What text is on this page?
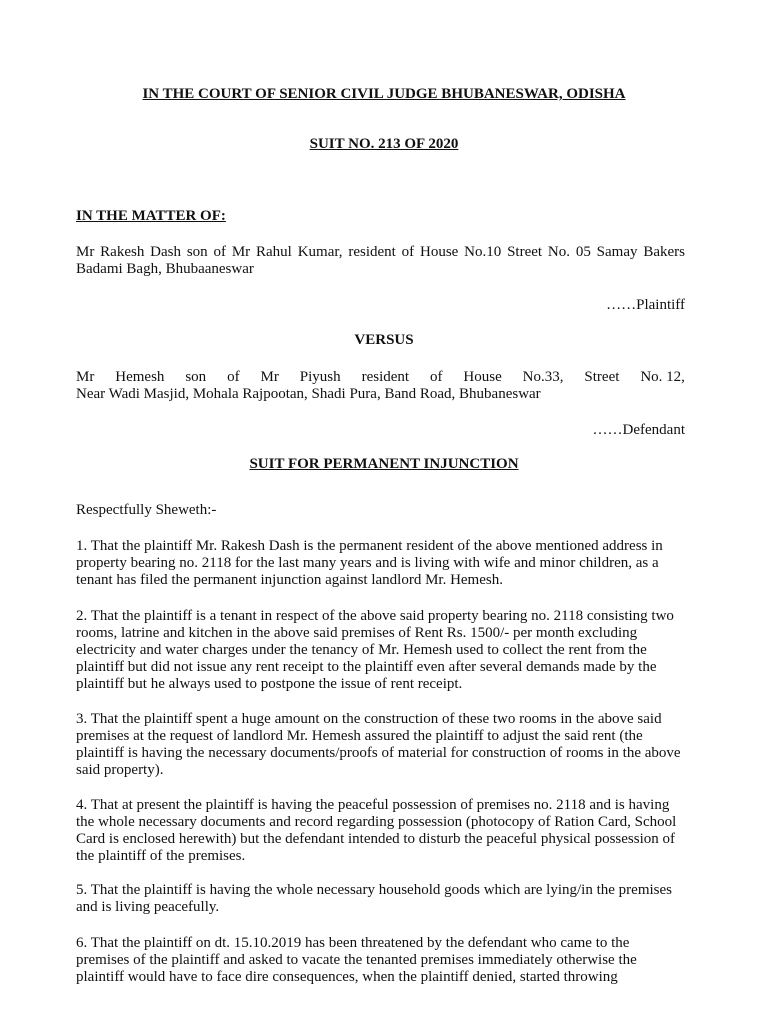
IN THE COURT OF SENIOR CIVIL JUDGE BHUBANESWAR, ODISHA
SUIT NO. 213 OF 2020
IN THE MATTER OF:

Mr Rakesh Dash son of Mr Rahul Kumar, resident of House No.10 Street No. 05 Samay Bakers Badami Bagh, Bhubaaneswar

……Plaintiff
VERSUS
Mr Hemesh son of Mr Piyush resident of House No.33, Street No. 12,
Near Wadi Masjid, Mohala Rajpootan, Shadi Pura, Band Road, Bhubaneswar
……Defendant
SUIT FOR PERMANENT INJUNCTION

Respectfully Sheweth:-

1. That the plaintiff Mr. Rakesh Dash is the permanent resident of the above mentioned address in property bearing no. 2118 for the last many years and is living with wife and minor children, as a tenant has filed the permanent injunction against landlord Mr. Hemesh.

2. That the plaintiff is a tenant in respect of the above said property bearing no. 2118 consisting two rooms, latrine and kitchen in the above said premises of Rent Rs. 1500/- per month excluding electricity and water charges under the tenancy of Mr. Hemesh used to collect the rent from the plaintiff but did not issue any rent receipt to the plaintiff even after several demands made by the plaintiff but he always used to postpone the issue of rent receipt.

3. That the plaintiff spent a huge amount on the construction of these two rooms in the above said premises at the request of landlord Mr. Hemesh assured the plaintiff to adjust the said rent (the plaintiff is having the necessary documents/proofs of material for construction of rooms in the above said property).

4. That at present the plaintiff is having the peaceful possession of premises no. 2118 and is having the whole necessary documents and record regarding possession (photocopy of Ration Card, School Card is enclosed herewith) but the defendant intended to disturb the peaceful physical possession of the plaintiff of the premises.

5. That the plaintiff is having the whole necessary household goods which are lying/in the premises and is living peacefully.

6. That the plaintiff on dt. 15.10.2019 has been threatened by the defendant who came to the premises of the plaintiff and asked to vacate the tenanted premises immediately otherwise the plaintiff would have to face dire consequences, when the plaintiff denied, started throwing
